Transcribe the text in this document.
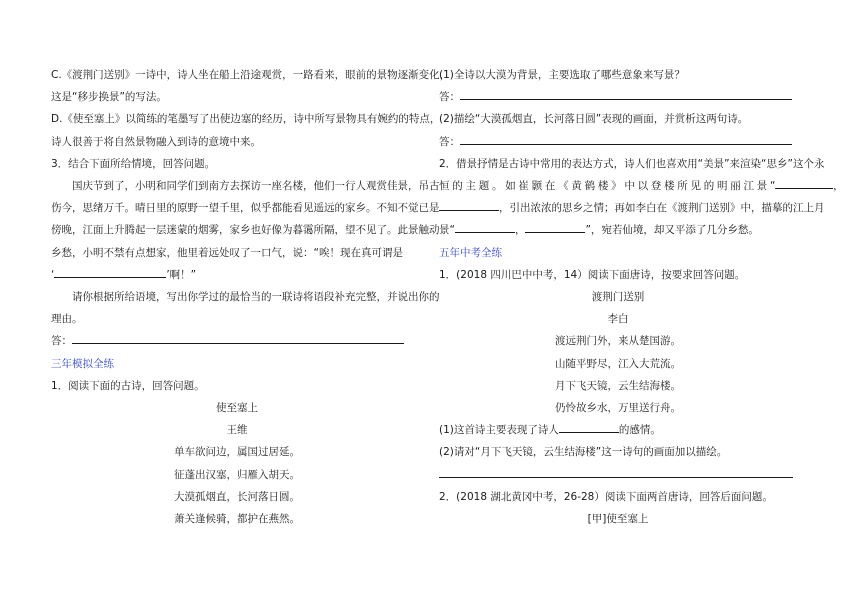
C.《渡荆门送别》一诗中，诗人坐在船上沿途观赏，一路看来，眼前的景物逐渐变化，

这是“移步换景”的写法。

D.《使至塞上》以简练的笔墨写了出使边塞的经历，诗中所写景物具有婉约的特点，

诗人很善于将自然景物融入到诗的意境中来。

3．结合下面所给情境，回答问题。

国庆节到了，小明和同学们到南方去探访一座名楼，他们一行人观赏佳景，吊古

伤今，思绪万千。晴日里的原野一望千里，似乎都能看见遥远的家乡。不知不觉已是

傍晚，江面上升腾起一层迷蒙的烟雾，家乡也好像为暮霭所隔，望不见了。此景触动

乡愁，小明不禁有点想家，他里着远处叹了一口气，说：“唉！现在真可谓是

‘	’啊！”

请你根据所给语境，写出你学过的最恰当的一联诗将语段补充完整，并说出你的

理由。

答：

三年模拟全练

1．阅读下面的古诗，回答问题。

使至塞上

王维

单车欲问边，属国过居延。

征蓬出汉塞，归雁入胡天。

大漠孤烟直，长河落日圆。

萧关逢候骑，都护在燕然。

(1)全诗以大漠为背景，主要选取了哪些意象来写景？

答：

(2)描绘“大漠孤烟直，长河落日圆”表现的画面，并赏析这两句诗。

答：

2．借景抒情是古诗中常用的表达方式，诗人们也喜欢用“美景”来渲染“思乡”这个永

恒 的 主 题 。 如 崔 颢 在 《 黄 鹤 楼 》 中 以 登 楼 所 见 的 明 丽 江 景 “	，

，引出浓浓的思乡之情；再如李白在《渡荆门送别》中，描摹的江上月

景“	，	”，宛若仙境，却又平添了几分乡愁。

五年中考全练

1．(2018 四川巴中中考，14）阅读下面唐诗，按要求回答问题。

渡荆门送别

李白

渡远荆门外，来从楚国游。

山随平野尽，江入大荒流。

月下飞天镜，云生结海楼。

仍怜故乡水，万里送行舟。

(1)这首诗主要表现了诗人	的感情。

(2)请对“月下飞天镜，云生结海楼”这一诗句的画面加以描绘。

2．(2018 湖北黄冈中考，26-28）阅读下面两首唐诗，回答后面问题。

[甲]使至塞上
